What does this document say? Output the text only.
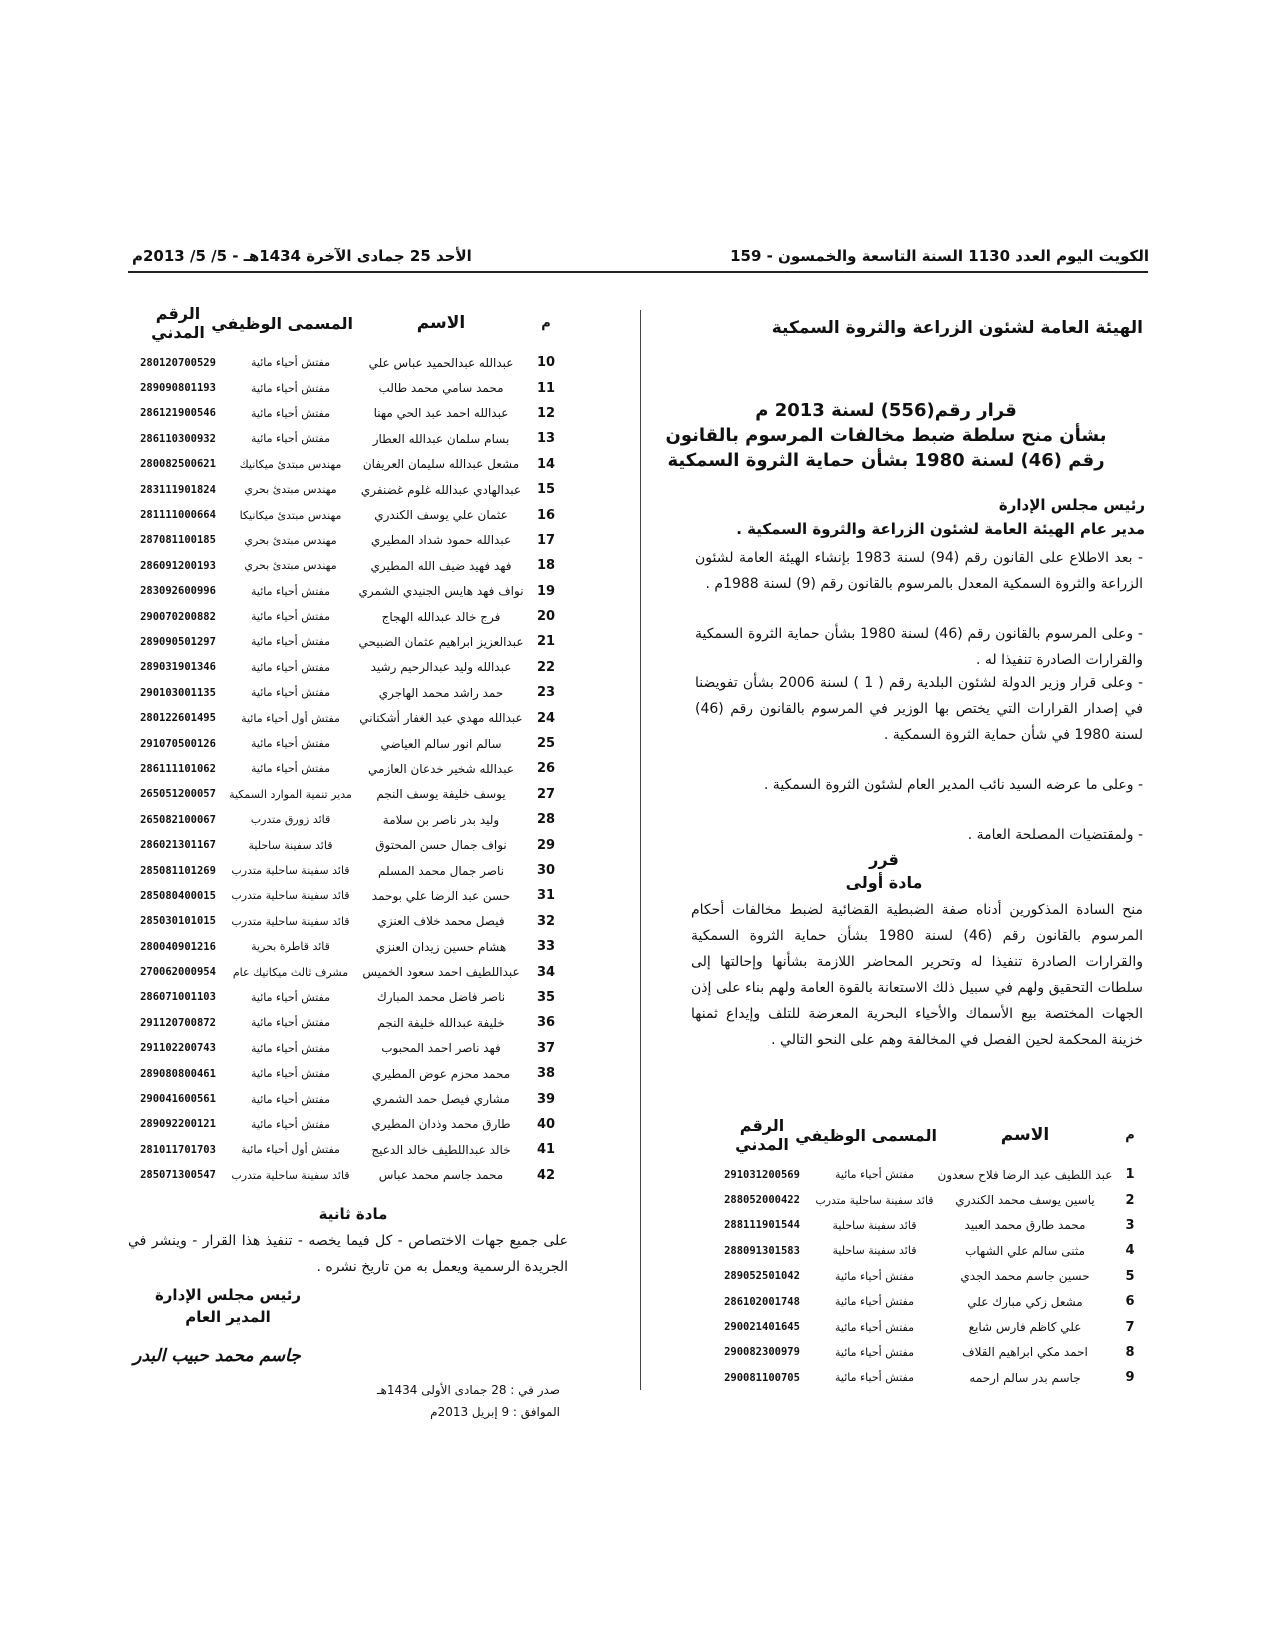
الكويت اليوم العدد 1130 السنة التاسعة والخمسون - 159
الأحد 25 جمادى الآخرة 1434هـ - 5/ 5/ 2013م
الهيئة العامة لشئون الزراعة والثروة السمكية
قرار رقم(556) لسنة 2013 م
بشأن منح سلطة ضبط مخالفات المرسوم بالقانون
رقم (46) لسنة 1980 بشأن حماية الثروة السمكية
رئيس مجلس الإدارة
مدير عام الهيئة العامة لشئون الزراعة والثروة السمكية .
- بعد الاطلاع على القانون رقم (94) لسنة 1983 بإنشاء الهيئة العامة لشئون الزراعة والثروة السمكية المعدل بالمرسوم بالقانون رقم (9) لسنة 1988م .
- وعلى المرسوم بالقانون رقم (46) لسنة 1980 بشأن حماية الثروة السمكية والقرارات الصادرة تنفيذا له .
- وعلى قرار وزير الدولة لشئون البلدية رقم ( 1 ) لسنة 2006 بشأن تفويضنا في إصدار القرارات التي يختص بها الوزير في المرسوم بالقانون رقم (46) لسنة 1980 في شأن حماية الثروة السمكية .
- وعلى ما عرضه السيد نائب المدير العام لشئون الثروة السمكية .
- ولمقتضيات المصلحة العامة .
قرر
مادة أولى
منح السادة المذكورين أدناه صفة الضبطية القضائية لضبط مخالفات أحكام المرسوم بالقانون رقم (46) لسنة 1980 بشأن حماية الثروة السمكية والقرارات الصادرة تنفيذا له وتحرير المحاضر اللازمة بشأنها وإحالتها إلى سلطات التحقيق ولهم في سبيل ذلك الاستعانة بالقوة العامة ولهم بناء على إذن الجهات المختصة بيع الأسماك والأحياء البحرية المعرضة للتلف وإيداع ثمنها خزينة المحكمة لحين الفصل في المخالفة وهم على النحو التالي .
م
الاسم
المسمى الوظيفي
الرقم المدني
1
عبد اللطيف عبد الرضا فلاح سعدون
مفتش أحياء مائية
291031200569
2
ياسين يوسف محمد الكندري
قائد سفينة ساحلية متدرب
288052000422
3
محمد طارق محمد العبيد
قائد سفينة ساحلية
288111901544
4
مثنى سالم علي الشهاب
قائد سفينة ساحلية
288091301583
5
حسين جاسم محمد الجدي
مفتش أحياء مائية
289052501042
6
مشعل زكي مبارك علي
مفتش أحياء مائية
286102001748
7
علي كاظم فارس شايع
مفتش أحياء مائية
290021401645
8
احمد مكي ابراهيم القلاف
مفتش أحياء مائية
290082300979
9
جاسم بدر سالم ارحمه
مفتش أحياء مائية
290081100705
م
الاسم
المسمى الوظيفي
الرقم المدني
10
عبدالله عبدالحميد عباس علي
مفتش أحياء مائية
280120700529
11
محمد سامي محمد طالب
مفتش أحياء مائية
289090801193
12
عبدالله احمد عبد الحي مهنا
مفتش أحياء مائية
286121900546
13
بسام سلمان عبدالله العطار
مفتش أحياء مائية
286110300932
14
مشعل عبدالله سليمان العريفان
مهندس مبتدئ ميكانيك
280082500621
15
عبدالهادي عبدالله غلوم غضنفري
مهندس مبتدئ بحري
283111901824
16
عثمان علي يوسف الكندري
مهندس مبتدئ ميكانيكا
281111000664
17
عبدالله حمود شداد المطيري
مهندس مبتدئ بحري
287081100185
18
فهد فهيد ضيف الله المطيري
مهندس مبتدئ بحري
286091200193
19
نواف فهد هايس الجنيدي الشمري
مفتش أحياء مائية
283092600996
20
فرج خالد عبدالله الهجاج
مفتش أحياء مائية
290070200882
21
عبدالعزيز ابراهيم عثمان الضبيحي
مفتش أحياء مائية
289090501297
22
عبدالله وليد عبدالرحيم رشيد
مفتش أحياء مائية
289031901346
23
حمد راشد محمد الهاجري
مفتش أحياء مائية
290103001135
24
عبدالله مهدي عبد الغفار أشكناني
مفتش أول أحياء مائية
280122601495
25
سالم انور سالم العياضي
مفتش أحياء مائية
291070500126
26
عبدالله شخير خدعان العازمي
مفتش أحياء مائية
286111101062
27
يوسف خليفة يوسف النجم
مدير تنمية الموارد السمكية
265051200057
28
وليد بدر ناصر بن سلامة
قائد زورق متدرب
265082100067
29
نواف جمال حسن المحتوق
قائد سفينة ساحلية
286021301167
30
ناصر جمال محمد المسلم
قائد سفينة ساحلية متدرب
285081101269
31
حسن عبد الرضا علي بوحمد
قائد سفينة ساحلية متدرب
285080400015
32
فيصل محمد خلاف العنزي
قائد سفينة ساحلية متدرب
285030101015
33
هشام حسين زيدان العنزي
قائد قاطرة بحرية
280040901216
34
عبداللطيف احمد سعود الخميس
مشرف ثالث ميكانيك عام
270062000954
35
ناصر فاضل محمد المبارك
مفتش أحياء مائية
286071001103
36
خليفة عبدالله خليفة النجم
مفتش أحياء مائية
291120700872
37
فهد ناصر احمد المحبوب
مفتش أحياء مائية
291102200743
38
محمد محزم عوض المطيري
مفتش أحياء مائية
289080800461
39
مشاري فيصل حمد الشمري
مفتش أحياء مائية
290041600561
40
طارق محمد وذدان المطيري
مفتش أحياء مائية
289092200121
41
خالد عبداللطيف خالد الدعيج
مفتش أول أحياء مائية
281011701703
42
محمد جاسم محمد عباس
قائد سفينة ساحلية متدرب
285071300547
مادة ثانية
على جميع جهات الاختصاص - كل فيما يخصه - تنفيذ هذا القرار - وينشر في الجريدة الرسمية ويعمل به من تاريخ نشره .
رئيس مجلس الإدارة
المدير العام
جاسم محمد حبيب البدر
صدر في : 28 جمادى الأولى 1434هـ
الموافق : 9 إبريل 2013م
